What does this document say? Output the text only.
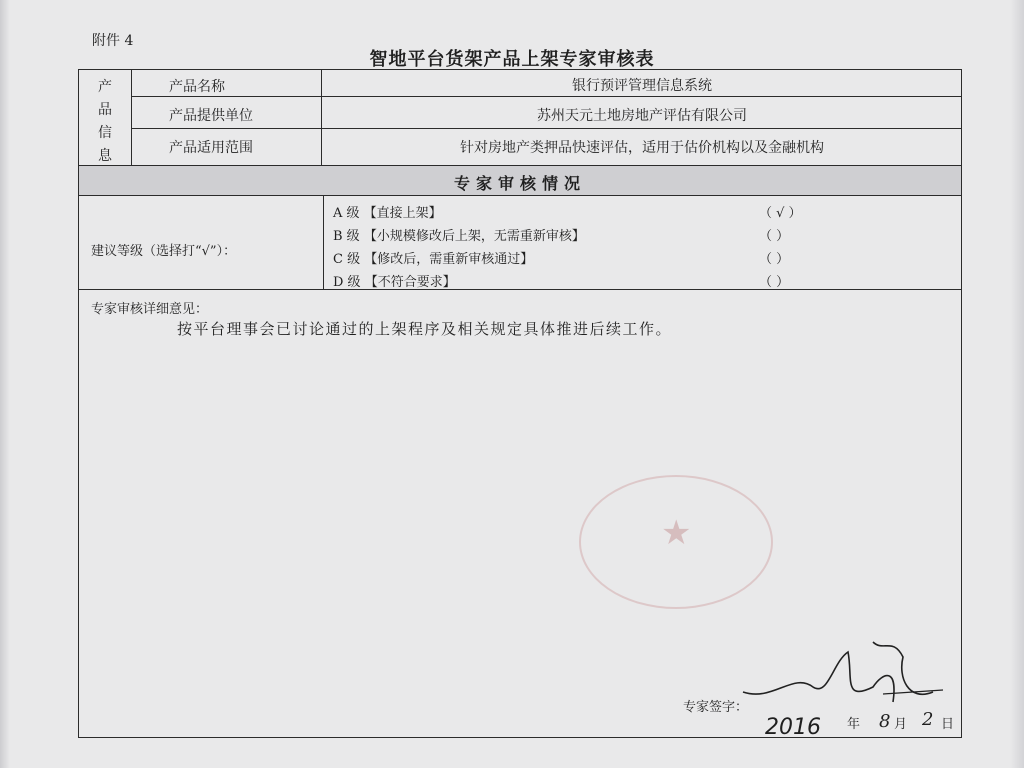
附件 4
智地平台货架产品上架专家审核表
产
品
信
息
产品名称	银行预评管理信息系统
产品提供单位	苏州天元土地房地产评估有限公司
产品适用范围	针对房地产类押品快速评估，适用于估价机构以及金融机构
专家审核情况
建议等级（选择打“√”）：
A 级 【直接上架】	（ √ ）
B 级 【小规模修改后上架，无需重新审核】	（ ）
C 级 【修改后，需重新审核通过】	（ ）
D 级 【不符合要求】	（ ）
专家审核详细意见：
按平台理事会已讨论通过的上架程序及相关规定具体推进后续工作。
★
专家签字：
2016 年 8 月 2 日
